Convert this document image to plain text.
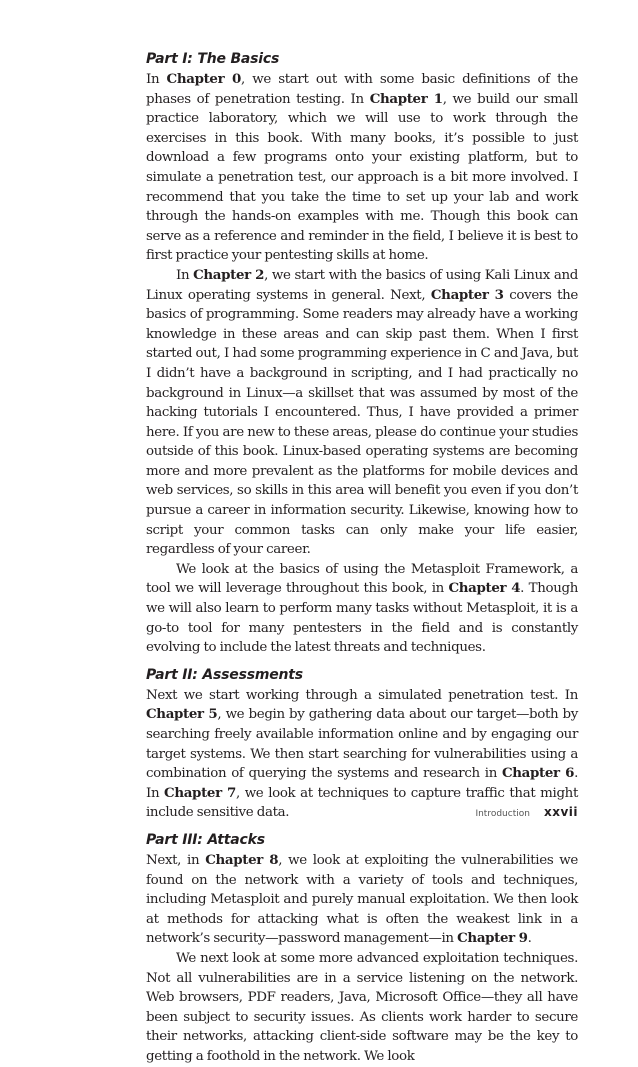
Part I: The Basics

In Chapter 0, we start out with some basic definitions of the phases of penetration testing. In Chapter 1, we build our small practice laboratory, which we will use to work through the exercises in this book. With many books, it’s possible to just download a few programs onto your existing platform, but to simulate a penetration test, our approach is a bit more involved. I recommend that you take the time to set up your lab and work through the hands-on examples with me. Though this book can serve as a reference and reminder in the field, I believe it is best to first practice your pentesting skills at home.

In Chapter 2, we start with the basics of using Kali Linux and Linux operating systems in general. Next, Chapter 3 covers the basics of programming. Some readers may already have a working knowledge in these areas and can skip past them. When I first started out, I had some programming experience in C and Java, but I didn’t have a background in scripting, and I had practically no background in Linux—a skillset that was assumed by most of the hacking tutorials I encountered. Thus, I have provided a primer here. If you are new to these areas, please do continue your studies outside of this book. Linux-based operating systems are becoming more and more prevalent as the platforms for mobile devices and web services, so skills in this area will benefit you even if you don’t pursue a career in information security. Likewise, knowing how to script your common tasks can only make your life easier, regardless of your career.

We look at the basics of using the Metasploit Framework, a tool we will leverage throughout this book, in Chapter 4. Though we will also learn to perform many tasks without Metasploit, it is a go-to tool for many pentesters in the field and is constantly evolving to include the latest threats and techniques.

Part II: Assessments

Next we start working through a simulated penetration test. In Chapter 5, we begin by gathering data about our target—both by searching freely available information online and by engaging our target systems. We then start searching for vulnerabilities using a combination of querying the systems and research in Chapter 6. In Chapter 7, we look at techniques to capture traffic that might include sensitive data.

Part III: Attacks

Next, in Chapter 8, we look at exploiting the vulnerabilities we found on the network with a variety of tools and techniques, including Metasploit and purely manual exploitation. We then look at methods for attacking what is often the weakest link in a network’s security—password management—in Chapter 9.

We next look at some more advanced exploitation techniques. Not all vulnerabilities are in a service listening on the network. Web browsers, PDF readers, Java, Microsoft Office—they all have been subject to security issues. As clients work harder to secure their networks, attacking client-side software may be the key to getting a foothold in the network. We look

Introduction xxvii
